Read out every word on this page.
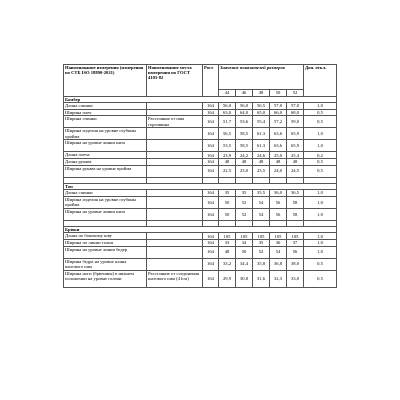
Наименование измерения (измерения по СТБ ISO 18890-2021)	Наименование места измерения по ГОСТ 4103-82	Рост	Значение показателей размеров					Доп. откл.
			44	46	48	50	52	
Бомбер								
Длина спинки		164	56,0	56,0	56,5	57,0	57,0	1,0
Ширина плеч		164	63,0	64,0	65,0	66,0	68,0	0,5
Ширина спинки	Расстояние от шва горловины	164	51,7	53,6	55,4	57,2	59,0	0,5
Ширина изделия на уровне глубины пройма		164	56,5	58,5	61,3	63,6	65,9	1,0
Ширина на уровне линии низа		164	53,5	58,5	61,3	63,6	65,9	1,0
Длина плеча		164	23,9	24,2	24,6	25,0	25,4	0,2
Длина рукава		164	48	48	48	48	48	0,5
Ширина рукава на уровне пройма		164	22,5	23,0	23,5	24,0	24,5	0,5

Топ								
Длина спинки		164	35	35	35,5	36,0	36,5	1,0
Ширина изделия на уровне глубины пройма		164	50	52	54	56	58	1,0
Ширина на уровне линии низа		164	50	52	54	56	58	1,0

Брюки								
Длина по боковому шву		164	105	105	105	105	105	1,0
Ширина по линии талии		164	33	34	35	36	37	1,0
Ширина на уровне линии бедер		164	48	50	52	54	56	1,0
Ширина бедра на уровне клина шагового шва		164	33,2	34,4	35,8	36,8	38,0	0,5
Ширина ноги (брючины) в нижнем положении на уровне голени	Расстояние от соединения шагового шва (41см)	164	29,9	30,8	31,6	32,3	33,0	0,5
